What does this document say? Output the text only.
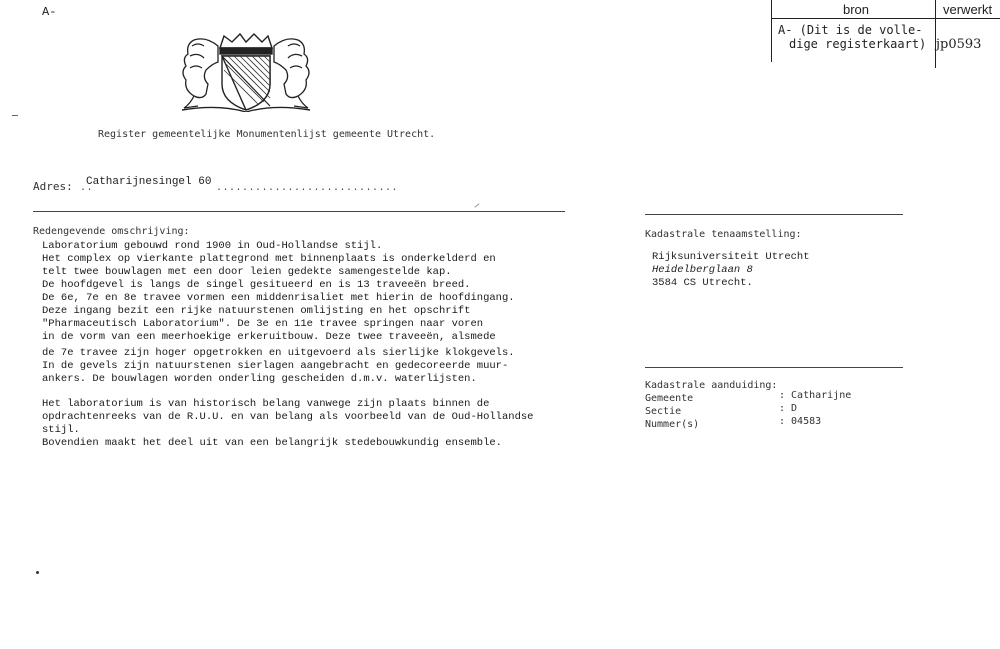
A-	bron	verwerkt
A- (Dit is de volle-
dige registerkaart) jp0593
Register gemeentelijke Monumentenlijst gemeente Utrecht.
Adres: Catharijnesingel 60
..	............................
Redengevende omschrijving:
Laboratorium gebouwd rond 1900 in Oud-Hollandse stijl.
Het complex op vierkante plattegrond met binnenplaats is onderkelderd en
telt twee bouwlagen met een door leien gedekte samengestelde kap.
De hoofdgevel is langs de singel gesitueerd en is 13 traveeën breed.
De 6e, 7e en 8e travee vormen een middenrisaliet met hierin de hoofdingang.
Deze ingang bezit een rijke natuurstenen omlijsting en het opschrift
"Pharmaceutisch Laboratorium". De 3e en 11e travee springen naar voren
in de vorm van een meerhoekige erkeruitbouw. Deze twee traveeën, alsmede
de 7e travee zijn hoger opgetrokken en uitgevoerd als sierlijke klokgevels.
In de gevels zijn natuurstenen sierlagen aangebracht en gedecoreerde muur-
ankers. De bouwlagen worden onderling gescheiden d.m.v. waterlijsten.
Het laboratorium is van historisch belang vanwege zijn plaats binnen de
opdrachtenreeks van de R.U.U. en van belang als voorbeeld van de Oud-Hollandse
stijl.
Bovendien maakt het deel uit van een belangrijk stedebouwkundig ensemble.
Kadastrale tenaamstelling:
Rijksuniversiteit Utrecht
Heidelberglaan 8
3584 CS Utrecht.
Kadastrale aanduiding:
Gemeente	: Catharijne
Sectie	: D
Nummer(s)	: 04583
